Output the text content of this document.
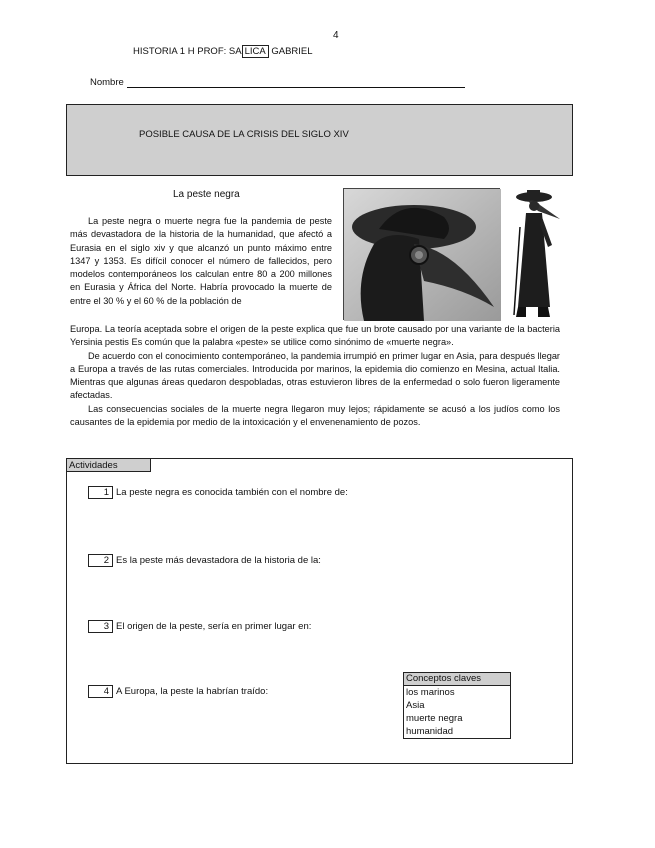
4
HISTORIA 1 H PROF: SA LICA GABRIEL
Nombre
POSIBLE CAUSA DE LA CRISIS DEL SIGLO XIV
La peste negra

La peste negra o muerte negra fue la pandemia de peste más devastadora de la historia de la humanidad, que afectó a Eurasia en el siglo xiv y que alcanzó un punto máximo entre 1347 y 1353. Es difícil conocer el número de fallecidos, pero modelos contemporáneos los calculan entre 80 a 200 millones en Eurasia y África del Norte. Habría provocado la muerte de entre el 30 % y el 60 % de la población de

Europa. La teoría aceptada sobre el origen de la peste explica que fue un brote causado por una variante de la bacteria Yersinia pestis Es común que la palabra «peste» se utilice como sinónimo de «muerte negra».

De acuerdo con el conocimiento contemporáneo, la pandemia irrumpió en primer lugar en Asia, para después llegar a Europa a través de las rutas comerciales. Introducida por marinos, la epidemia dio comienzo en Mesina, actual Italia. Mientras que algunas áreas quedaron despobladas, otras estuvieron libres de la enfermedad o solo fueron ligeramente afectadas.

Las consecuencias sociales de la muerte negra llegaron muy lejos; rápidamente se acusó a los judíos como los causantes de la epidemia por medio de la intoxicación y el envenenamiento de pozos.

Actividades
1 La peste negra es conocida también con el nombre de:
2 Es la peste más devastadora de la historia de la:
3 El origen de la peste, sería en primer lugar en:
4 A Europa, la peste la habrían traído:
Conceptos claves
los marinos
Asia
muerte negra
humanidad
